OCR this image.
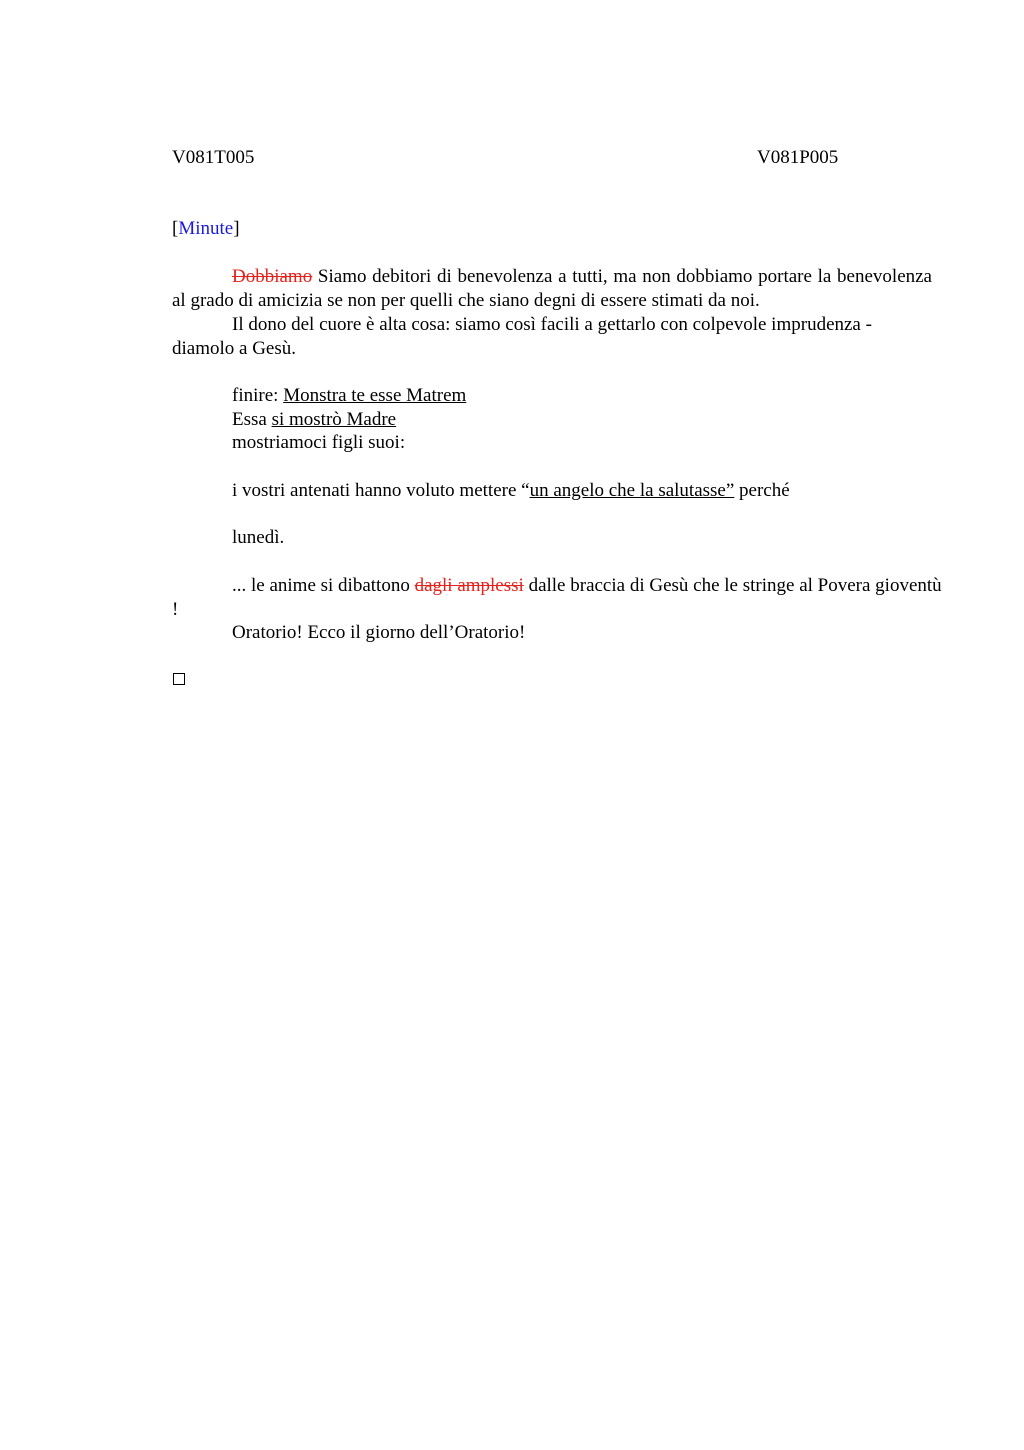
V081T005	V081P005
[Minute]
Dobbiamo Siamo debitori di benevolenza a tutti, ma non dobbiamo portare la benevolenza al grado di amicizia se non per quelli che siano degni di essere stimati da noi.
Il dono del cuore è alta cosa: siamo così facili a gettarlo con colpevole imprudenza - diamolo a Gesù.
finire: Monstra te esse Matrem
Essa si mostrò Madre
mostriamoci figli suoi:
i vostri antenati hanno voluto mettere “un angelo che la salutasse” perché
lunedì.
... le anime si dibattono dagli amplessi dalle braccia di Gesù che le stringe al Povera gioventù !
Oratorio! Ecco il giorno dell’Oratorio!
